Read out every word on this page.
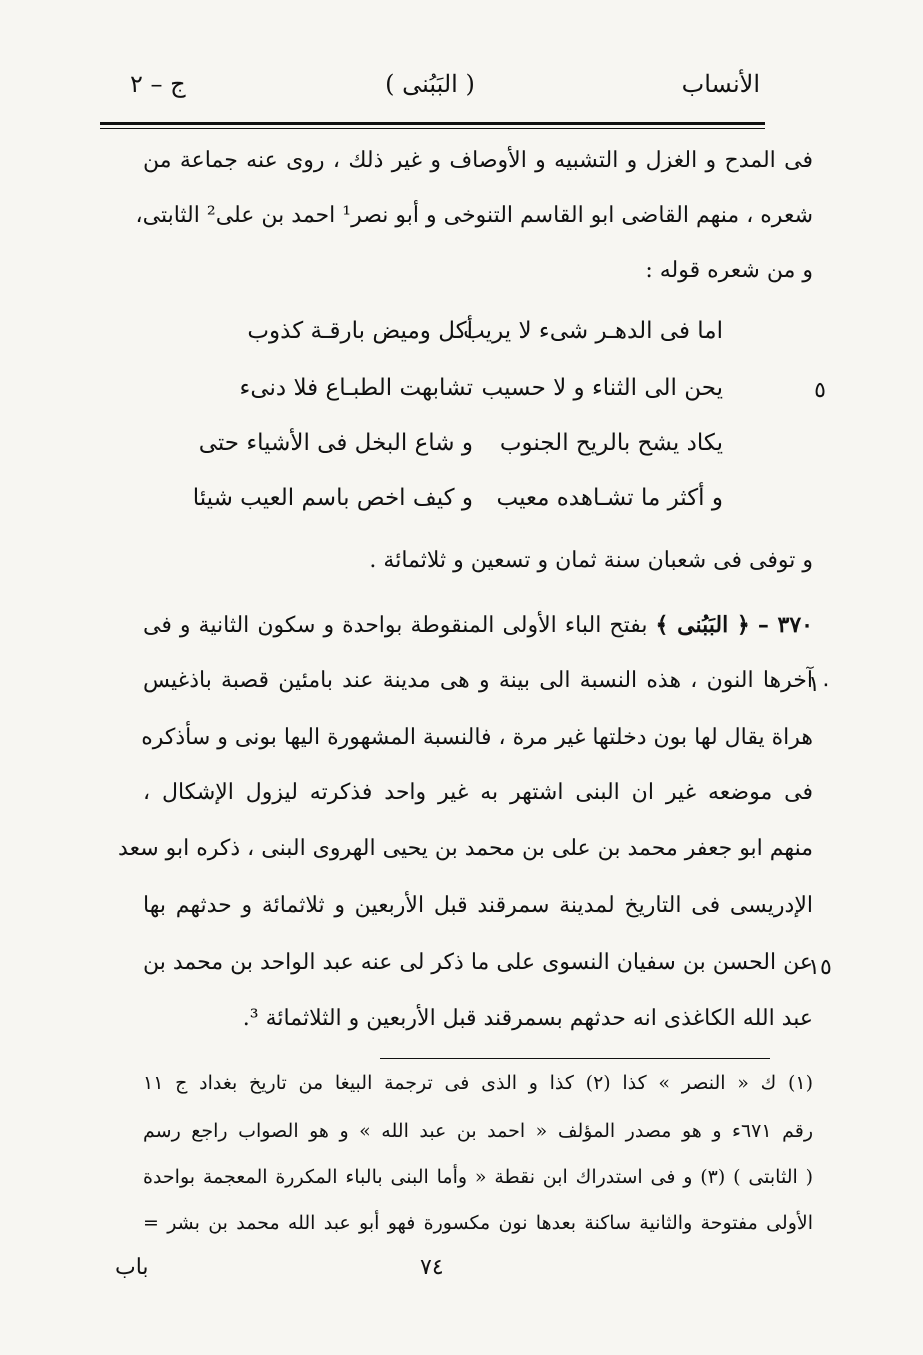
الأنساب
( البَبُنى )
ج – ٢
فى المدح و الغزل و التشبيه و الأوصاف و غير ذلك ، روى عنه جماعة من
شعره ، منهم القاضى ابو القاسم التنوخى و أبو نصر¹ احمد بن على² الثابتى،
و من شعره قوله :
أكل وميض بارقـة كذوب
اما فى الدهـر شىء لا يريب
تشابهت الطبـاع فلا دنىء يحن الى الثناء و لا حسيب
و شاع البخل فى الأشياء حتى	يكاد يشح بالريح الجنوب
و كيف اخص باسم العيب شيئا	و أكثر ما تشـاهده معيب
٥
و توفى فى شعبان سنة ثمان و تسعين و ثلاثمائة .
٣٧٠ – ﴿ البَبُنى ﴾ بفتح الباء الأولى المنقوطة بواحدة و سكون الثانية و فى
آخرها النون ، هذه النسبة الى بينة و هى مدينة عند بامئين قصبة باذغيس
١٠
هراة يقال لها بون دخلتها غير مرة ، فالنسبة المشهورة اليها بونى و سأذكره
فى موضعه غير ان البنى اشتهر به غير واحد فذكرته ليزول الإشكال ،
منهم ابو جعفر محمد بن على بن محمد بن يحيى الهروى البنى ، ذكره ابو سعد
الإدريسى فى التاريخ لمدينة سمرقند قبل الأربعين و ثلاثمائة و حدثهم بها
عن الحسن بن سفيان النسوى على ما ذكر لى عنه عبد الواحد بن محمد بن
١٥
عبد الله الكاغذى انه حدثهم بسمرقند قبل الأربعين و الثلاثمائة ³.
(١) ك « النصر » كذا (٢) كذا و الذى فى ترجمة البيغا من تاريخ بغداد ج ١١
رقم ٦٧١ء و هو مصدر المؤلف « احمد بن عبد الله » و هو الصواب راجع رسم
( الثابتى ) (٣) و فى استدراك ابن نقطة « وأما البنى بالباء المكررة المعجمة بواحدة
الأولى مفتوحة والثانية ساكنة بعدها نون مكسورة فهو أبو عبد الله محمد بن بشر =
٧٤
باب
